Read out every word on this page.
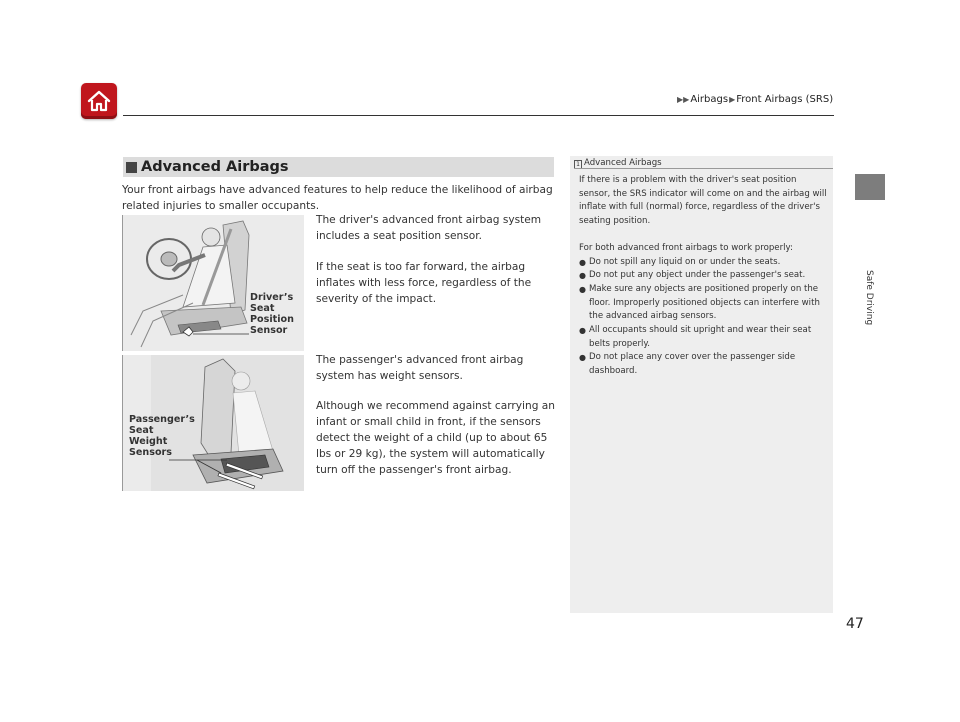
▶▶Airbags▶Front Airbags (SRS)
Safe Driving
Advanced Airbags
Your front airbags have advanced features to help reduce the likelihood of airbag related injuries to smaller occupants.
Driver’s
Seat
Position
Sensor
The driver's advanced front airbag system includes a seat position sensor.
If the seat is too far forward, the airbag inflates with less force, regardless of the severity of the impact.
Passenger’s
Seat
Weight
Sensors
The passenger's advanced front airbag system has weight sensors.
Although we recommend against carrying an infant or small child in front, if the sensors detect the weight of a child (up to about 65 lbs or 29 kg), the system will automatically turn off the passenger's front airbag.
1 Advanced Airbags

If there is a problem with the driver's seat position sensor, the SRS indicator will come on and the airbag will inflate with full (normal) force, regardless of the driver's seating position.

For both advanced front airbags to work properly:

● Do not spill any liquid on or under the seats.
● Do not put any object under the passenger's seat.
● Make sure any objects are positioned properly on the floor. Improperly positioned objects can interfere with the advanced airbag sensors.
● All occupants should sit upright and wear their seat belts properly.
● Do not place any cover over the passenger side dashboard.
47
